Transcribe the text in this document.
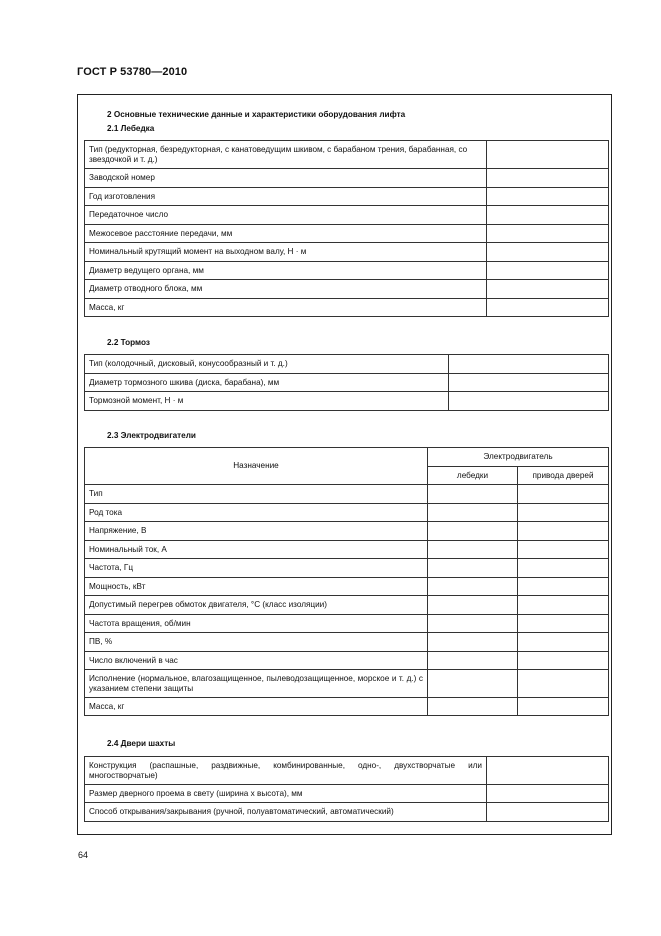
ГОСТ Р 53780—2010
2 Основные технические данные и характеристики оборудования лифта
2.1 Лебедка
Тип (редукторная, безредукторная, с канатоведущим шкивом, с барабаном трения, барабанная, со звездочкой и т. д.)	
Заводской номер	
Год изготовления	
Передаточное число	
Межосевое расстояние передачи, мм	
Номинальный крутящий момент на выходном валу, Н · м	
Диаметр ведущего органа, мм	
Диаметр отводного блока, мм	
Масса, кг	
2.2 Тормоз
Тип (колодочный, дисковый, конусообразный и т. д.)	
Диаметр тормозного шкива (диска, барабана), мм	
Тормозной момент, Н · м	
2.3 Электродвигатели
Назначение	Электродвигатель	
	лебедки	привода дверей
Тип		
Род тока		
Напряжение, В		
Номинальный ток, А		
Частота, Гц		
Мощность, кВт		
Допустимый перегрев обмоток двигателя, °С (класс изоляции)		
Частота вращения, об/мин		
ПВ, %		
Число включений в час		
Исполнение (нормальное, влагозащищенное, пылеводозащищенное, морское и т. д.) с указанием степени защиты		
Масса, кг		
2.4 Двери шахты
Конструкция (распашные, раздвижные, комбинированные, одно-, двухстворчатые или многостворчатые)	
Размер дверного проема в свету (ширина х высота), мм	
Способ открывания/закрывания (ручной, полуавтоматический, автоматический)	
64
